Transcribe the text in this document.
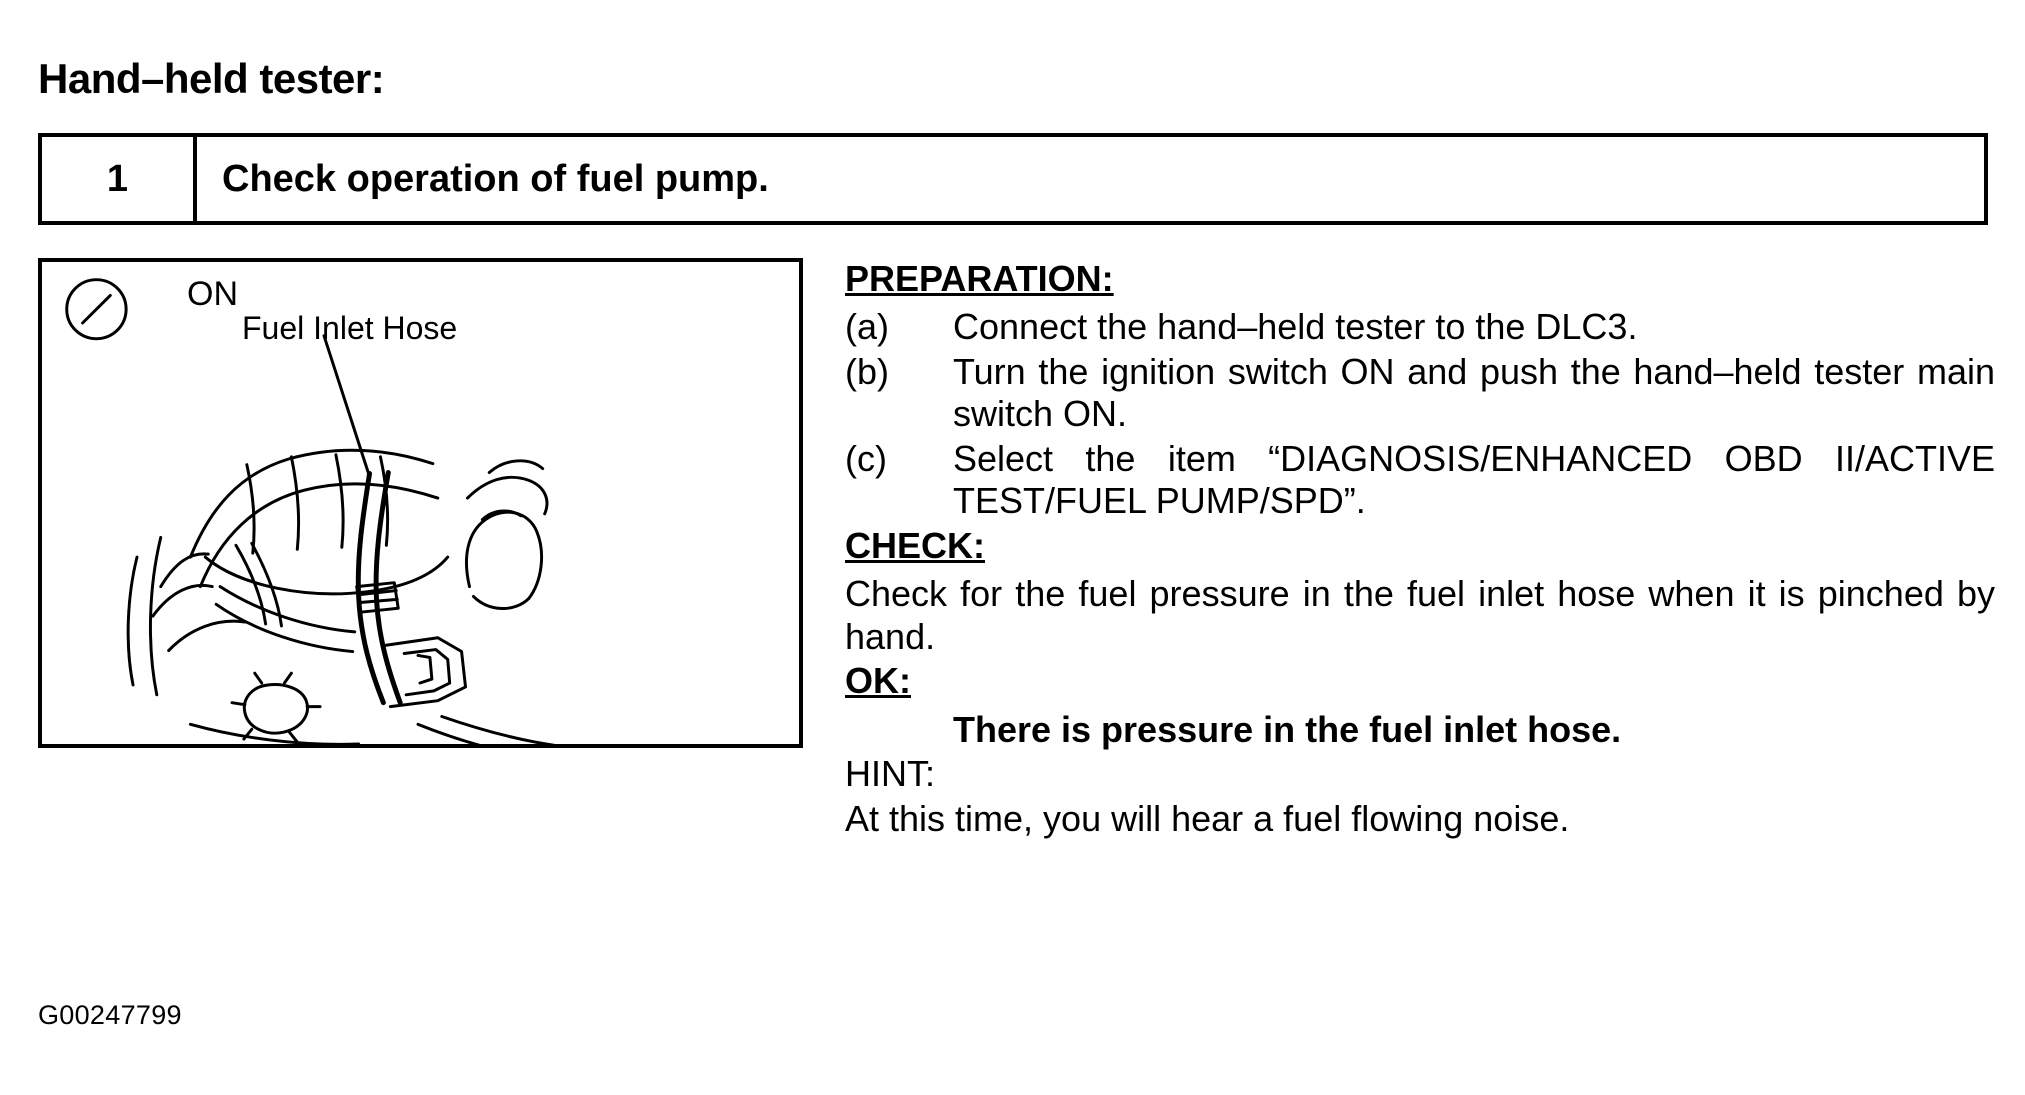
Hand–held tester:
1	Check operation of fuel pump.
ON
Fuel Inlet Hose
PREPARATION:
(a)	Connect the hand–held tester to the DLC3.
(b)	Turn the ignition switch ON and push the hand–held tester main switch ON.
(c)	Select the item “DIAGNOSIS/ENHANCED OBD II/ACTIVE TEST/FUEL PUMP/SPD”.
CHECK:
Check for the fuel pressure in the fuel inlet hose when it is pinched by hand.
OK:
There is pressure in the fuel inlet hose.
HINT:
At this time, you will hear a fuel flowing noise.
G00247799
